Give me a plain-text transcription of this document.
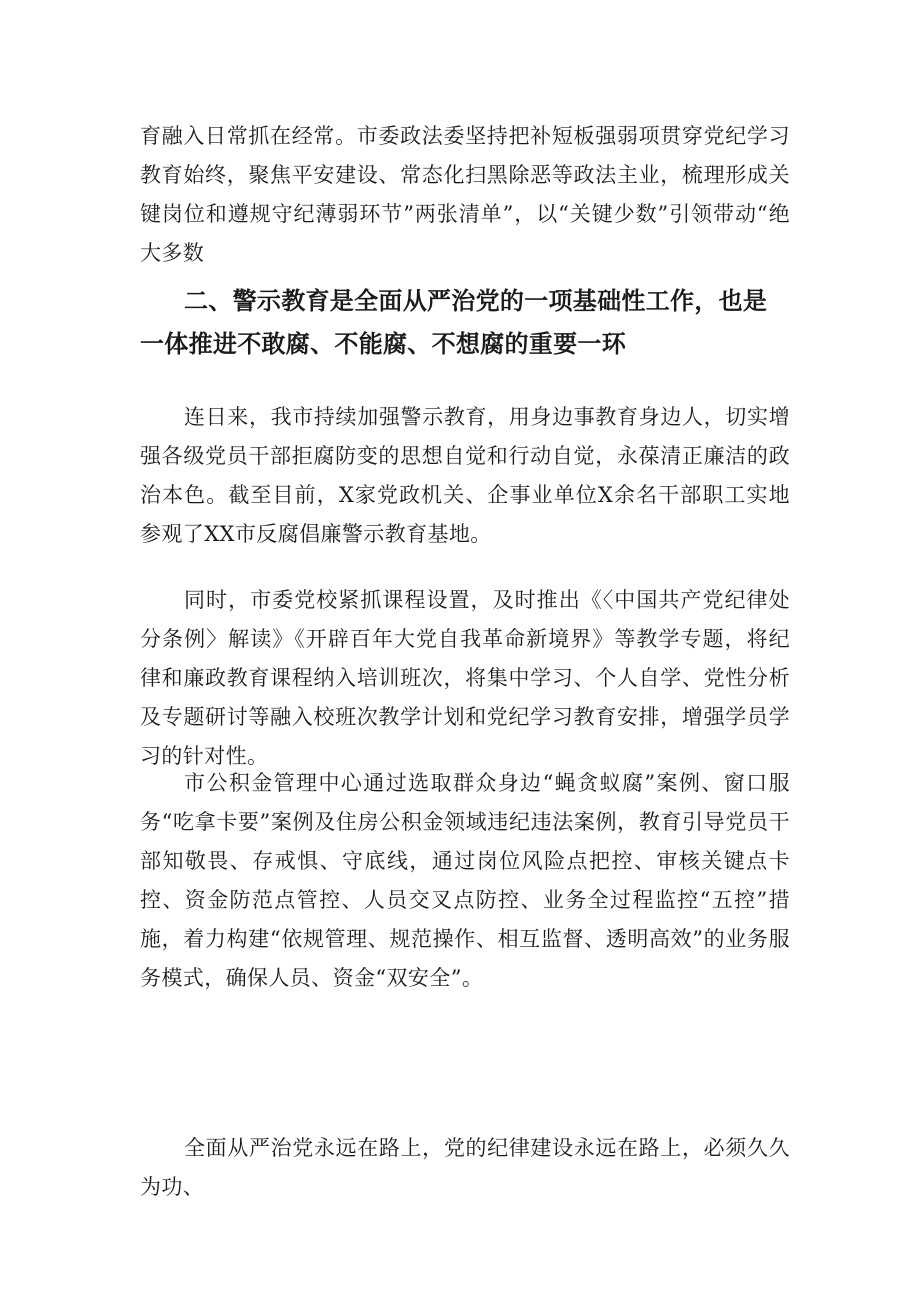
育融入日常抓在经常。市委政法委坚持把补短板强弱项贯穿党纪学习教育始终，聚焦平安建设、常态化扫黑除恶等政法主业，梳理形成关键岗位和遵规守纪薄弱环节”两张清单”，以“关键少数”引领带动“绝大多数

二、警示教育是全面从严治党的一项基础性工作，也是一体推进不敢腐、不能腐、不想腐的重要一环

连日来，我市持续加强警示教育，用身边事教育身边人，切实增强各级党员干部拒腐防变的思想自觉和行动自觉，永葆清正廉洁的政治本色。截至目前，X家党政机关、企事业单位X余名干部职工实地参观了XX市反腐倡廉警示教育基地。

同时，市委党校紧抓课程设置，及时推出《〈中国共产党纪律处分条例〉解读》《开辟百年大党自我革命新境界》等教学专题，将纪律和廉政教育课程纳入培训班次，将集中学习、个人自学、党性分析及专题研讨等融入校班次教学计划和党纪学习教育安排，增强学员学习的针对性。

市公积金管理中心通过选取群众身边“蝇贪蚁腐”案例、窗口服务“吃拿卡要”案例及住房公积金领域违纪违法案例，教育引导党员干部知敬畏、存戒惧、守底线，通过岗位风险点把控、审核关键点卡控、资金防范点管控、人员交叉点防控、业务全过程监控“五控”措施，着力构建“依规管理、规范操作、相互监督、透明高效”的业务服务模式，确保人员、资金“双安全”。

全面从严治党永远在路上，党的纪律建设永远在路上，必须久久为功、
